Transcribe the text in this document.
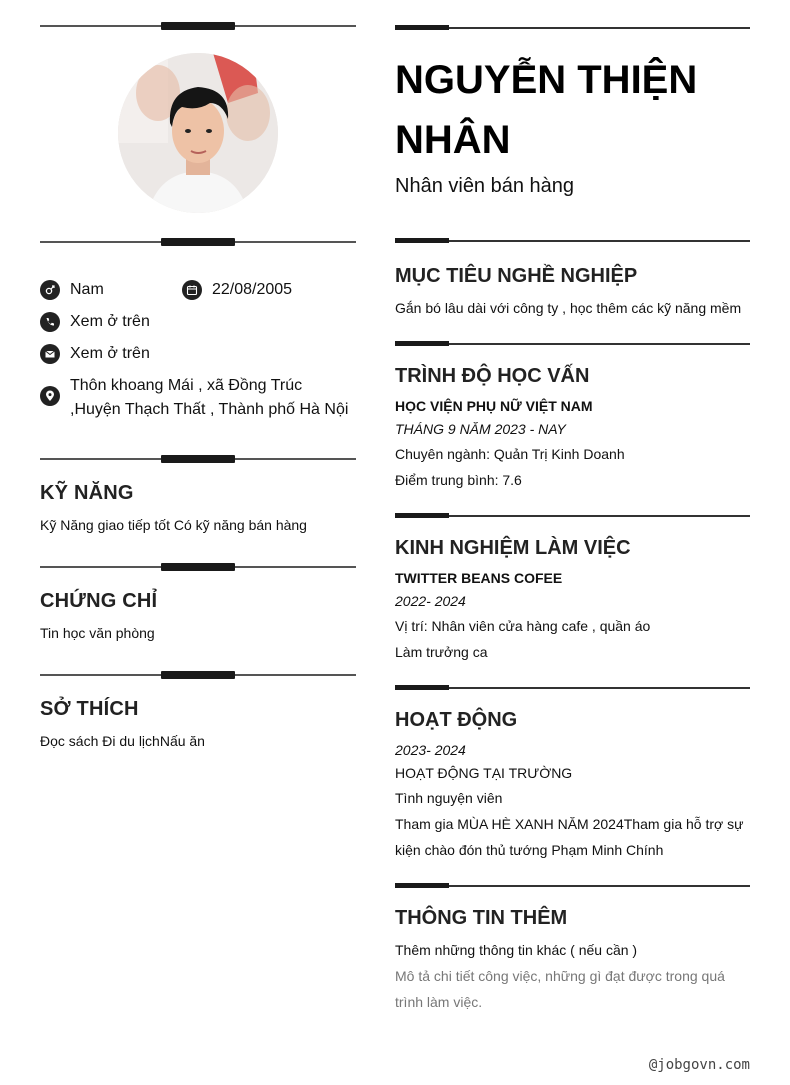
Nam	22/08/2005
Xem ở trên
Xem ở trên
Thôn khoang Mái , xã Đồng Trúc ,Huyện Thạch Thất , Thành phố Hà Nội
KỸ NĂNG
Kỹ Năng giao tiếp tốt Có kỹ năng bán hàng
CHỨNG CHỈ
Tin học văn phòng
SỞ THÍCH
Đọc sách Đi du lịchNấu ăn
NGUYỄN THIỆN NHÂN
Nhân viên bán hàng
MỤC TIÊU NGHỀ NGHIỆP
Gắn bó lâu dài với công ty , học thêm các kỹ năng mềm
TRÌNH ĐỘ HỌC VẤN
HỌC VIỆN PHỤ NỮ VIỆT NAM
THÁNG 9 NĂM 2023 - NAY
Chuyên ngành: Quản Trị Kinh Doanh
Điểm trung bình: 7.6
KINH NGHIỆM LÀM VIỆC
TWITTER BEANS COFEE
2022- 2024
Vị trí: Nhân viên cửa hàng cafe , quần áo
Làm trưởng ca
HOẠT ĐỘNG
2023- 2024
HOẠT ĐỘNG TẠI TRƯỜNG
Tình nguyện viên
Tham gia MÙA HÈ XANH NĂM 2024Tham gia hỗ trợ sự kiện chào đón thủ tướng Phạm Minh Chính
THÔNG TIN THÊM
Thêm những thông tin khác ( nếu cần )
Mô tả chi tiết công việc, những gì đạt được trong quá trình làm việc.
@jobgovn.com
